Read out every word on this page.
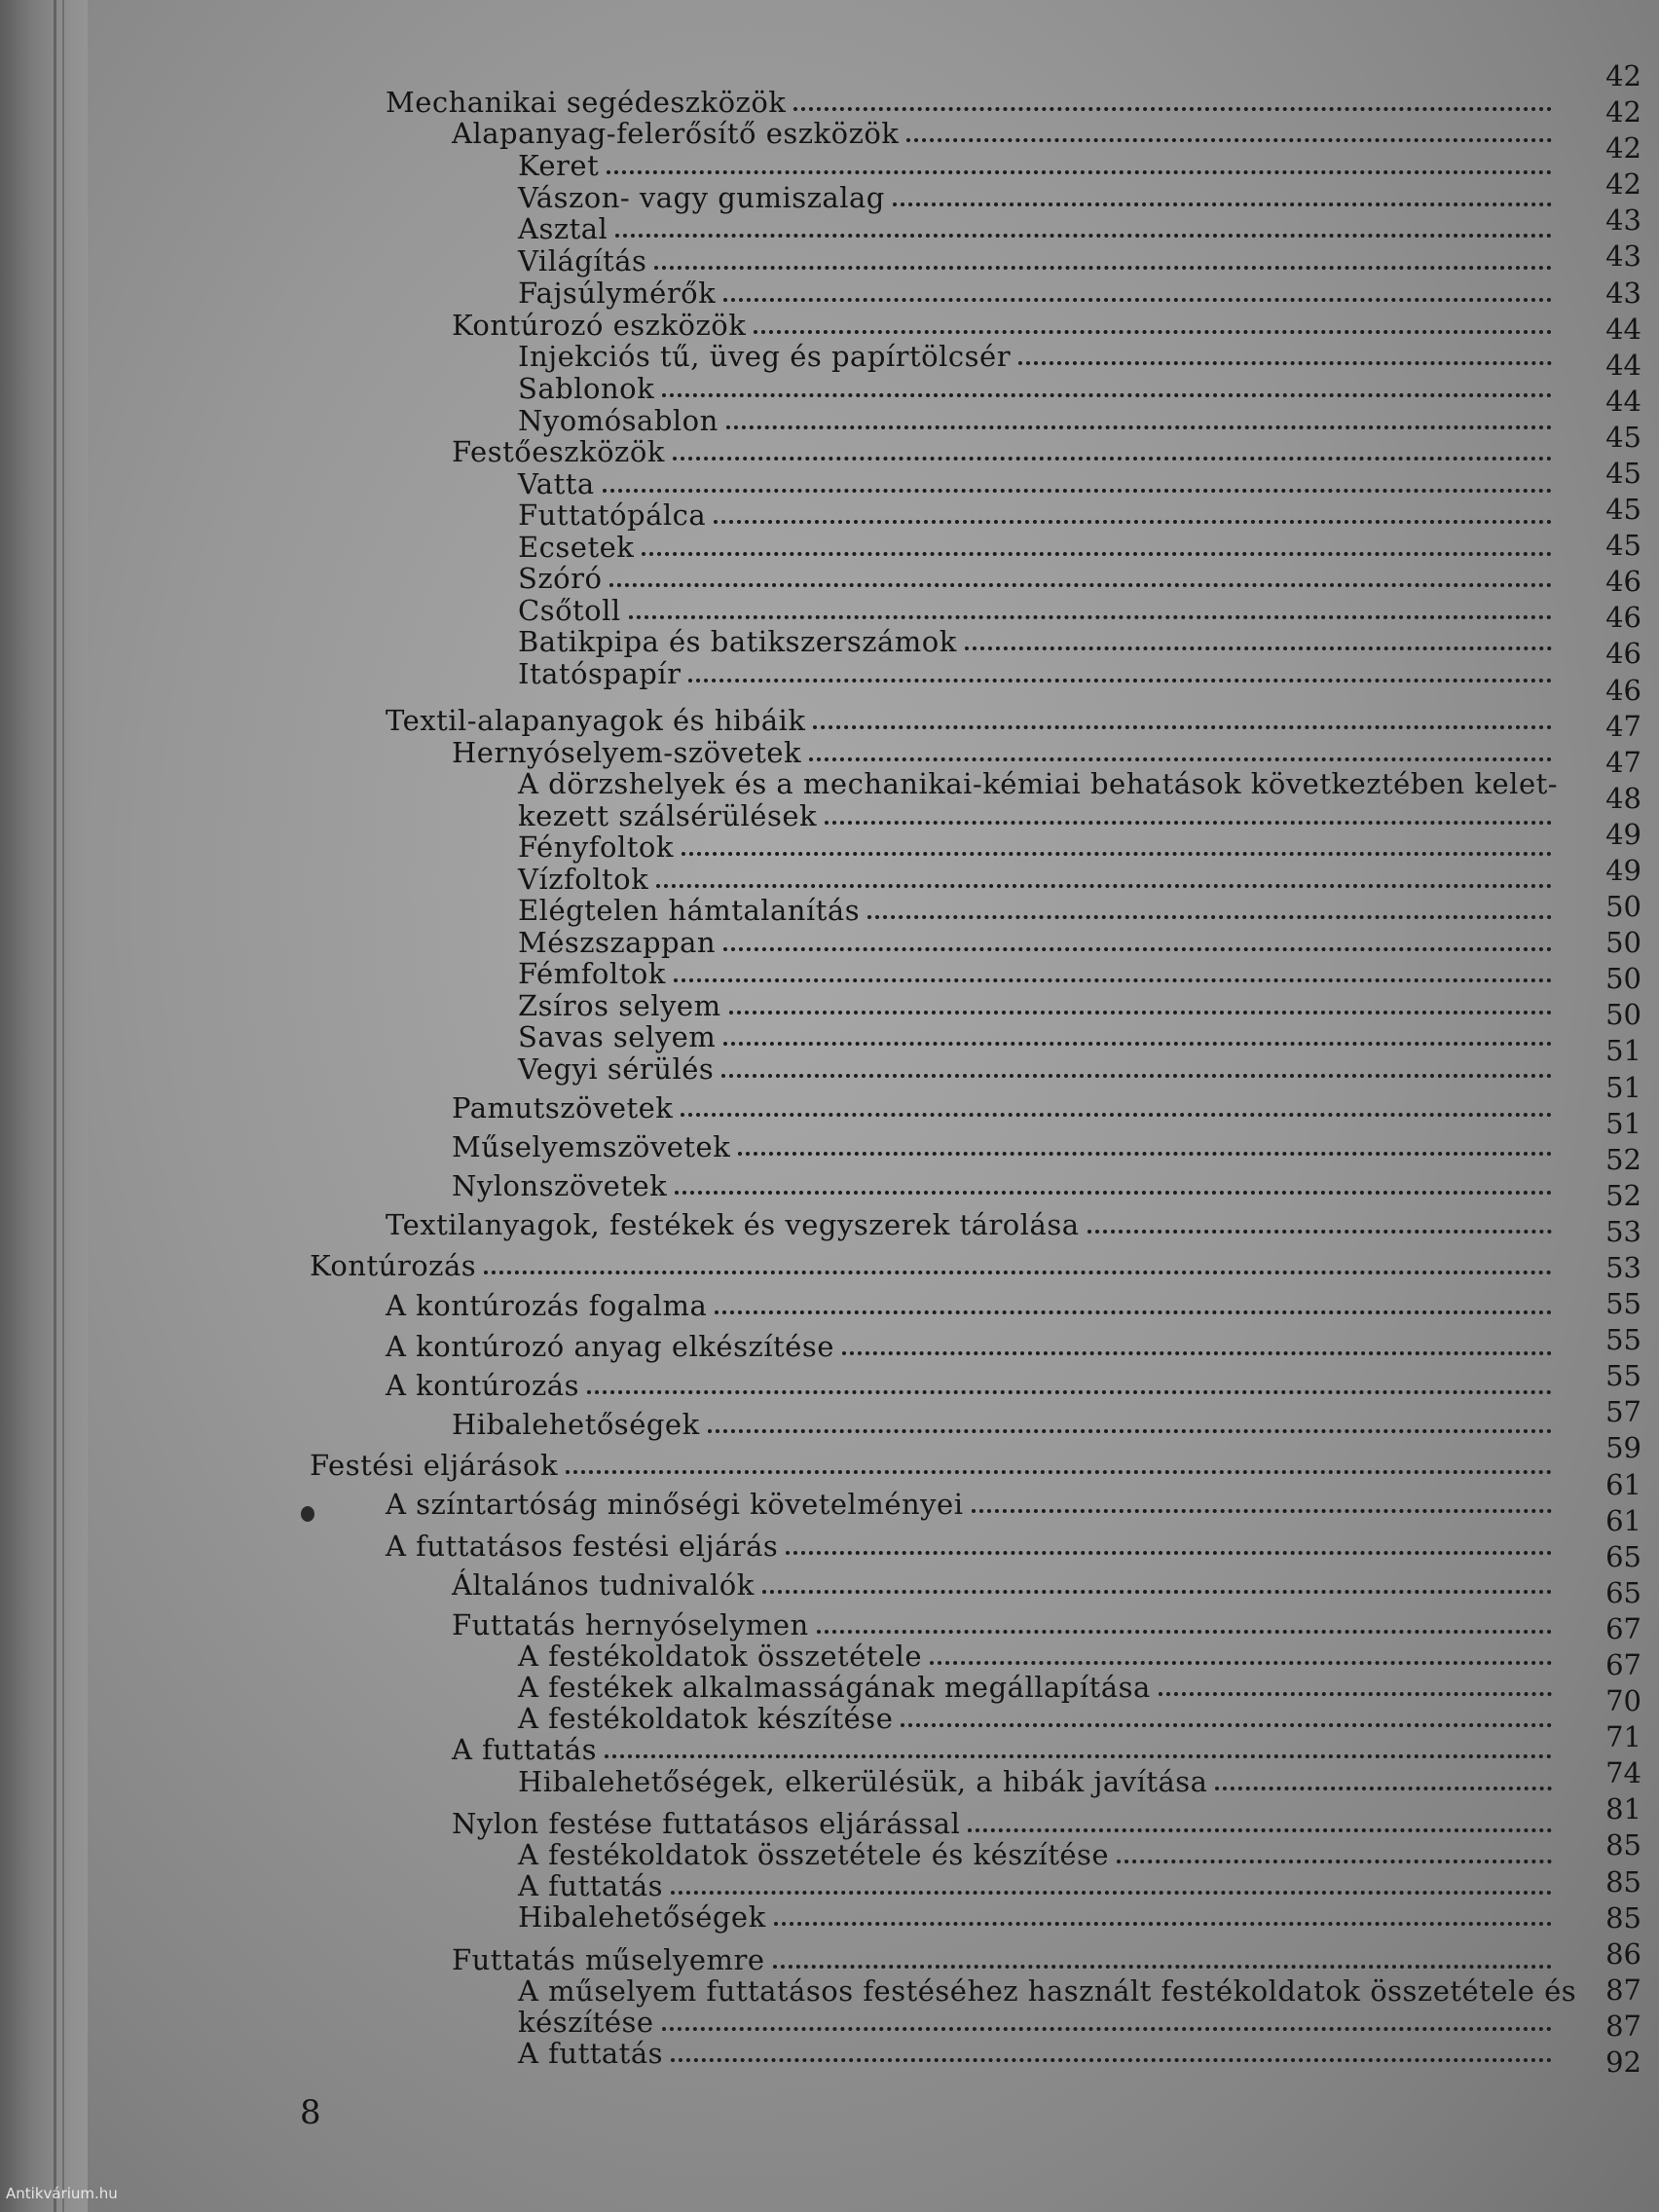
Mechanikai segédeszközök
Alapanyag-felerősítő eszközök
Keret
Vászon- vagy gumiszalag
Asztal
Világítás
Fajsúlymérők
Kontúrozó eszközök
Injekciós tű, üveg és papírtölcsér
Sablonok
Nyomósablon
Festőeszközök
Vatta
Futtatópálca
Ecsetek
Szóró
Csőtoll
Batikpipa és batikszerszámok
Itatóspapír
Textil-alapanyagok és hibáik
Hernyóselyem-szövetek
A dörzshelyek és a mechanikai-kémiai behatások következtében kelet-
kezett szálsérülések
Fényfoltok
Vízfoltok
Elégtelen hámtalanítás
Mészszappan
Fémfoltok
Zsíros selyem
Savas selyem
Vegyi sérülés
Pamutszövetek
Műselyemszövetek
Nylonszövetek
Textilanyagok, festékek és vegyszerek tárolása
Kontúrozás
A kontúrozás fogalma
A kontúrozó anyag elkészítése
A kontúrozás
Hibalehetőségek
Festési eljárások
A színtartóság minőségi követelményei
A futtatásos festési eljárás
Általános tudnivalók
Futtatás hernyóselymen
A festékoldatok összetétele
A festékek alkalmasságának megállapítása
A festékoldatok készítése
A futtatás
Hibalehetőségek, elkerülésük, a hibák javítása
Nylon festése futtatásos eljárással
A festékoldatok összetétele és készítése
A futtatás
Hibalehetőségek
Futtatás műselyemre
A műselyem futtatásos festéséhez használt festékoldatok összetétele és
készítése
A futtatás
42
42
42
42
43
43
43
44
44
44
45
45
45
45
46
46
46
46
47
47
48
49
49
50
50
50
50
51
51
51
52
52
53
53
55
55
55
57
59
61
61
65
65
67
67
70
71
74
81
85
85
85
86
87
87
92
8
Antikvárium.hu
